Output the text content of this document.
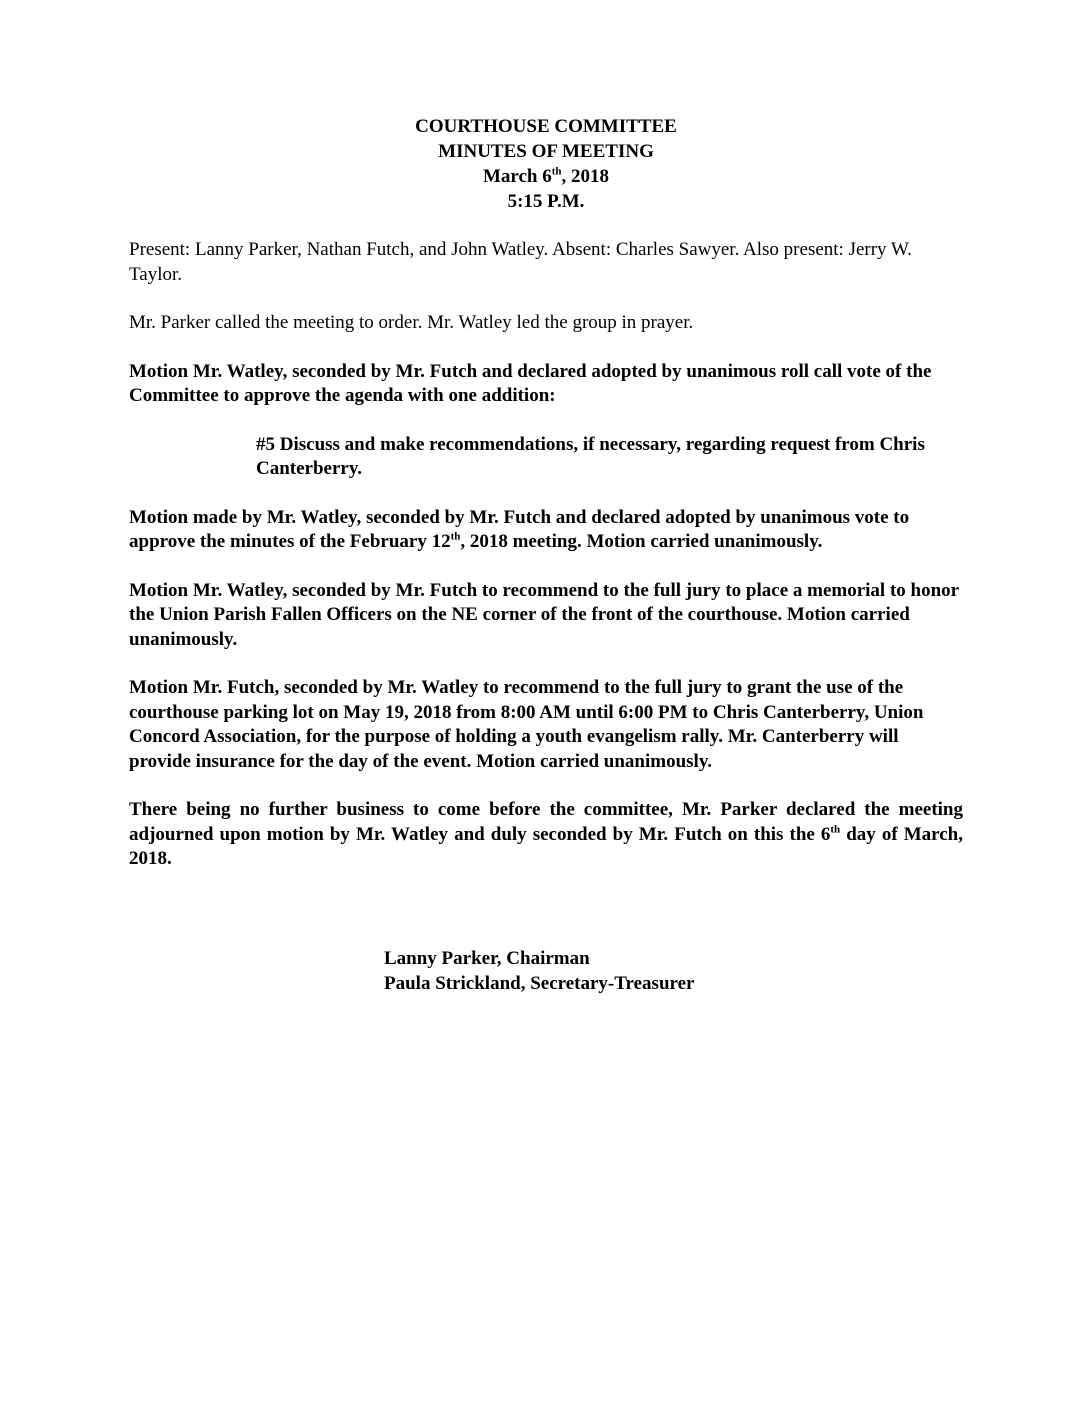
COURTHOUSE COMMITTEE
MINUTES OF MEETING
March 6th, 2018
5:15 P.M.

Present: Lanny Parker, Nathan Futch, and John Watley. Absent: Charles Sawyer. Also present: Jerry W. Taylor.

Mr. Parker called the meeting to order. Mr. Watley led the group in prayer.

Motion Mr. Watley, seconded by Mr. Futch and declared adopted by unanimous roll call vote of the Committee to approve the agenda with one addition:

#5 Discuss and make recommendations, if necessary, regarding request from Chris Canterberry.

Motion made by Mr. Watley, seconded by Mr. Futch and declared adopted by unanimous vote to approve the minutes of the February 12th, 2018 meeting. Motion carried unanimously.

Motion Mr. Watley, seconded by Mr. Futch to recommend to the full jury to place a memorial to honor the Union Parish Fallen Officers on the NE corner of the front of the courthouse. Motion carried unanimously.

Motion Mr. Futch, seconded by Mr. Watley to recommend to the full jury to grant the use of the courthouse parking lot on May 19, 2018 from 8:00 AM until 6:00 PM to Chris Canterberry, Union Concord Association, for the purpose of holding a youth evangelism rally. Mr. Canterberry will provide insurance for the day of the event. Motion carried unanimously.

There being no further business to come before the committee, Mr. Parker declared the meeting adjourned upon motion by Mr. Watley and duly seconded by Mr. Futch on this the 6th day of March, 2018.

Lanny Parker, Chairman
Paula Strickland, Secretary-Treasurer
